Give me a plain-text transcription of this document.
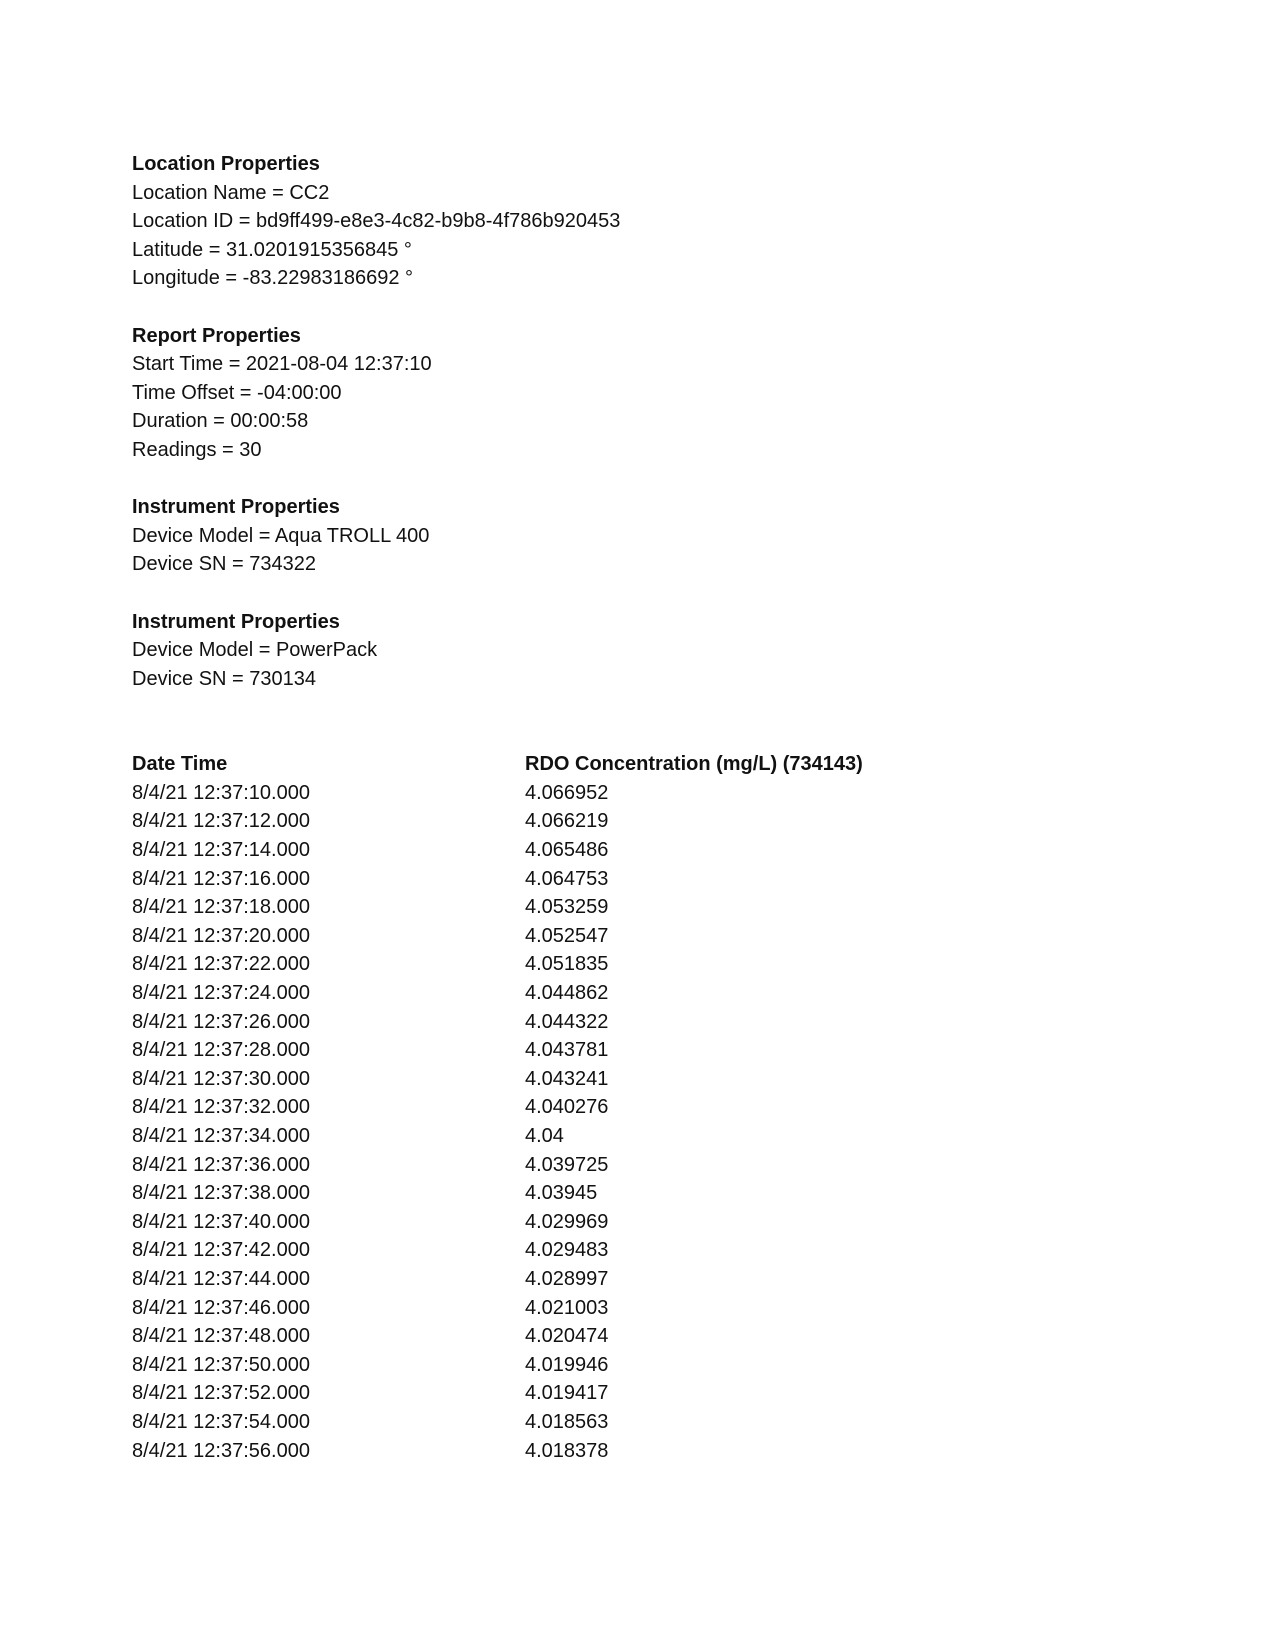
Location Properties
Location Name = CC2
Location ID = bd9ff499-e8e3-4c82-b9b8-4f786b920453
Latitude = 31.0201915356845 °
Longitude = -83.22983186692 °
Report Properties
Start Time = 2021-08-04 12:37:10
Time Offset = -04:00:00
Duration = 00:00:58
Readings = 30
Instrument Properties
Device Model = Aqua TROLL 400
Device SN = 734322
Instrument Properties
Device Model = PowerPack
Device SN = 730134
Date Time	RDO Concentration (mg/L) (734143)
8/4/21 12:37:10.000	4.066952
8/4/21 12:37:12.000	4.066219
8/4/21 12:37:14.000	4.065486
8/4/21 12:37:16.000	4.064753
8/4/21 12:37:18.000	4.053259
8/4/21 12:37:20.000	4.052547
8/4/21 12:37:22.000	4.051835
8/4/21 12:37:24.000	4.044862
8/4/21 12:37:26.000	4.044322
8/4/21 12:37:28.000	4.043781
8/4/21 12:37:30.000	4.043241
8/4/21 12:37:32.000	4.040276
8/4/21 12:37:34.000	4.04
8/4/21 12:37:36.000	4.039725
8/4/21 12:37:38.000	4.03945
8/4/21 12:37:40.000	4.029969
8/4/21 12:37:42.000	4.029483
8/4/21 12:37:44.000	4.028997
8/4/21 12:37:46.000	4.021003
8/4/21 12:37:48.000	4.020474
8/4/21 12:37:50.000	4.019946
8/4/21 12:37:52.000	4.019417
8/4/21 12:37:54.000	4.018563
8/4/21 12:37:56.000	4.018378
